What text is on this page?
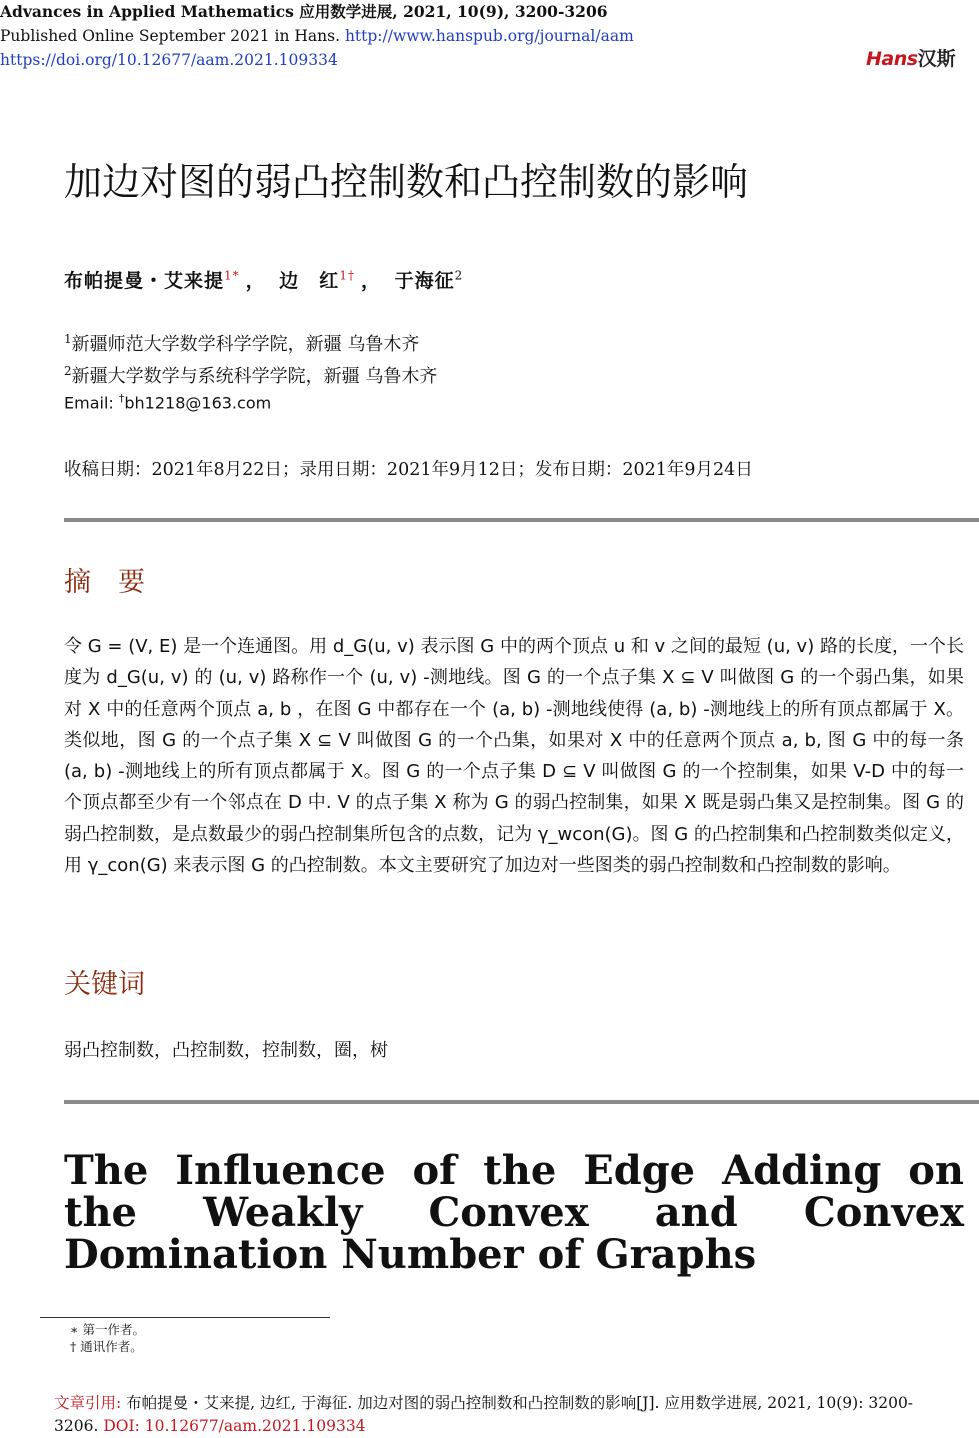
Advances in Applied Mathematics 应用数学进展, 2021, 10(9), 3200-3206
Published Online September 2021 in Hans. http://www.hanspub.org/journal/aam
https://doi.org/10.12677/aam.2021.109334	Hans汉斯
加边对图的弱凸控制数和凸控制数的影响
布帕提曼・艾来提$^{1*}$ ， 边　红$^{1\dagger}$ ， 于海征$^2$
$^1$新疆师范大学数学科学学院，新疆 乌鲁木齐
$^2$新疆大学数学与系统科学学院，新疆 乌鲁木齐
Email: †bh1218@163.com
收稿日期：2021年8月22日；录用日期：2021年9月12日；发布日期：2021年9月24日
摘　要
令 G = (V, E) 是一个连通图。用 d_G(u, v) 表示图 G 中的两个顶点 u 和 v 之间的最短 (u, v) 路的长度，一个长度为 d_G(u, v) 的 (u, v) 路称作一个 (u, v) -测地线。图 G 的一个点子集 X ⊆ V 叫做图 G 的一个弱凸集，如果对 X 中的任意两个顶点 a, b ，在图 G 中都存在一个 (a, b) -测地线使得 (a, b) -测地线上的所有顶点都属于 X。类似地，图 G 的一个点子集 X ⊆ V 叫做图 G 的一个凸集，如果对 X 中的任意两个顶点 a, b, 图 G 中的每一条 (a, b) -测地线上的所有顶点都属于 X。图 G 的一个点子集 D ⊆ V 叫做图 G 的一个控制集，如果 V-D 中的每一个顶点都至少有一个邻点在 D 中. V 的点子集 X 称为 G 的弱凸控制集，如果 X 既是弱凸集又是控制集。图 G 的弱凸控制数，是点数最少的弱凸控制集所包含的点数，记为 γ_wcon(G)。图 G 的凸控制集和凸控制数类似定义，用 γ_con(G) 来表示图 G 的凸控制数。本文主要研究了加边对一些图类的弱凸控制数和凸控制数的影响。
关键词
弱凸控制数，凸控制数，控制数，圈，树
The Influence of the Edge Adding on the Weakly Convex and Convex Domination Number of Graphs
∗ 第一作者。
† 通讯作者。
文章引用: 布帕提曼・艾来提, 边红, 于海征. 加边对图的弱凸控制数和凸控制数的影响[J]. 应用数学进展, 2021, 10(9): 3200-3206. DOI: 10.12677/aam.2021.109334
